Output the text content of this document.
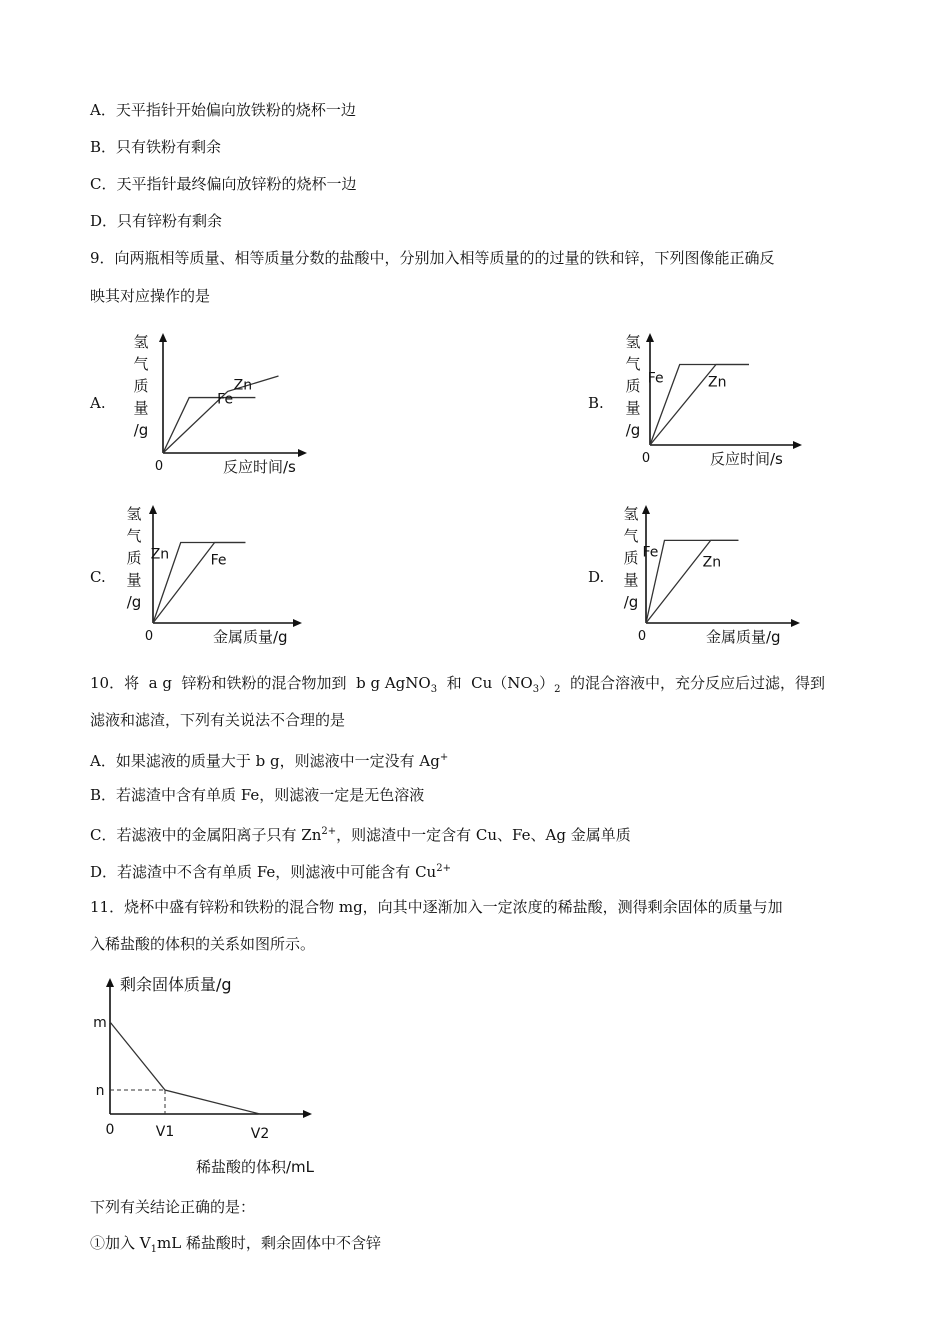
A．天平指针开始偏向放铁粉的烧杯一边
B．只有铁粉有剩余
C．天平指针最终偏向放锌粉的烧杯一边
D．只有锌粉有剩余
9．向两瓶相等质量、相等质量分数的盐酸中，分别加入相等质量的的过量的铁和锌，下列图像能正确反
映其对应操作的是
A.	B.
C.	D.
氢
气
质
量
/g
0	反应时间/s
Zn
Fe
氢
气
质
量
/g
0	反应时间/s
Fe	Zn
氢
气
质
量
/g
0	金属质量/g
Zn	Fe
氢
气
质
量
/g
0	金属质量/g
Fe
Zn
10．将 a g 锌粉和铁粉的混合物加到 b g AgNO$_3$ 和 $Cu(NO_3)_2$ 的混合溶液中，充分反应后过滤，得到
滤液和滤渣，下列有关说法不合理的是
A．如果滤液的质量大于 b g，则滤液中一定没有 Ag+
B．若滤渣中含有单质 Fe，则滤液一定是无色溶液
C．若滤液中的金属阳离子只有 $Zn^{2+}$，则滤渣中一定含有 Cu、Fe、Ag 金属单质
D．若滤渣中不含有单质 Fe，则滤液中可能含有 $Cu^{2+}$
11．烧杯中盛有锌粉和铁粉的混合物 mg，向其中逐渐加入一定浓度的稀盐酸，测得剩余固体的质量与加
入稀盐酸的体积的关系如图所示。
剩余固体质量/g
m
n
0	V1	V2
稀盐酸的体积/mL
下列有关结论正确的是：
①加入 $V_1mL$ 稀盐酸时，剩余固体中不含锌
